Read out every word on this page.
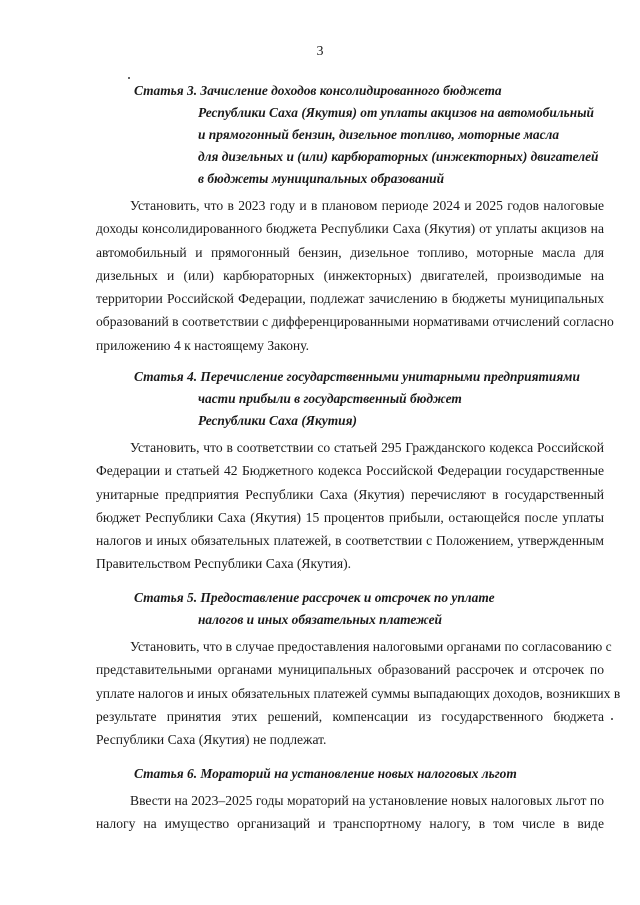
3
Статья 3. Зачисление доходов консолидированного бюджета
Республики Саха (Якутия) от уплаты акцизов на автомобильный
и прямогонный бензин, дизельное топливо, моторные масла
для дизельных и (или) карбюраторных (инжекторных) двигателей
в бюджеты муниципальных образований
Установить, что в 2023 году и в плановом периоде 2024 и 2025 годов налоговые
доходы консолидированного бюджета Республики Саха (Якутия) от уплаты акцизов на
автомобильный и прямогонный бензин, дизельное топливо, моторные масла для
дизельных и (или) карбюраторных (инжекторных) двигателей, производимые на
территории Российской Федерации, подлежат зачислению в бюджеты муниципальных
образований в соответствии с дифференцированными нормативами отчислений согласно
приложению 4 к настоящему Закону.
Статья 4. Перечисление государственными унитарными предприятиями
части прибыли в государственный бюджет
Республики Саха (Якутия)
Установить, что в соответствии со статьей 295 Гражданского кодекса Российской
Федерации и статьей 42 Бюджетного кодекса Российской Федерации государственные
унитарные предприятия Республики Саха (Якутия) перечисляют в государственный
бюджет Республики Саха (Якутия) 15 процентов прибыли, остающейся после уплаты
налогов и иных обязательных платежей, в соответствии с Положением, утвержденным
Правительством Республики Саха (Якутия).
Статья 5. Предоставление рассрочек и отсрочек по уплате
налогов и иных обязательных платежей
Установить, что в случае предоставления налоговыми органами по согласованию с
представительными органами муниципальных образований рассрочек и отсрочек по
уплате налогов и иных обязательных платежей суммы выпадающих доходов, возникших в
результате принятия этих решений, компенсации из государственного бюджета
Республики Саха (Якутия) не подлежат.
Статья 6. Мораторий на установление новых налоговых льгот
Ввести на 2023–2025 годы мораторий на установление новых налоговых льгот по
налогу на имущество организаций и транспортному налогу, в том числе в виде
